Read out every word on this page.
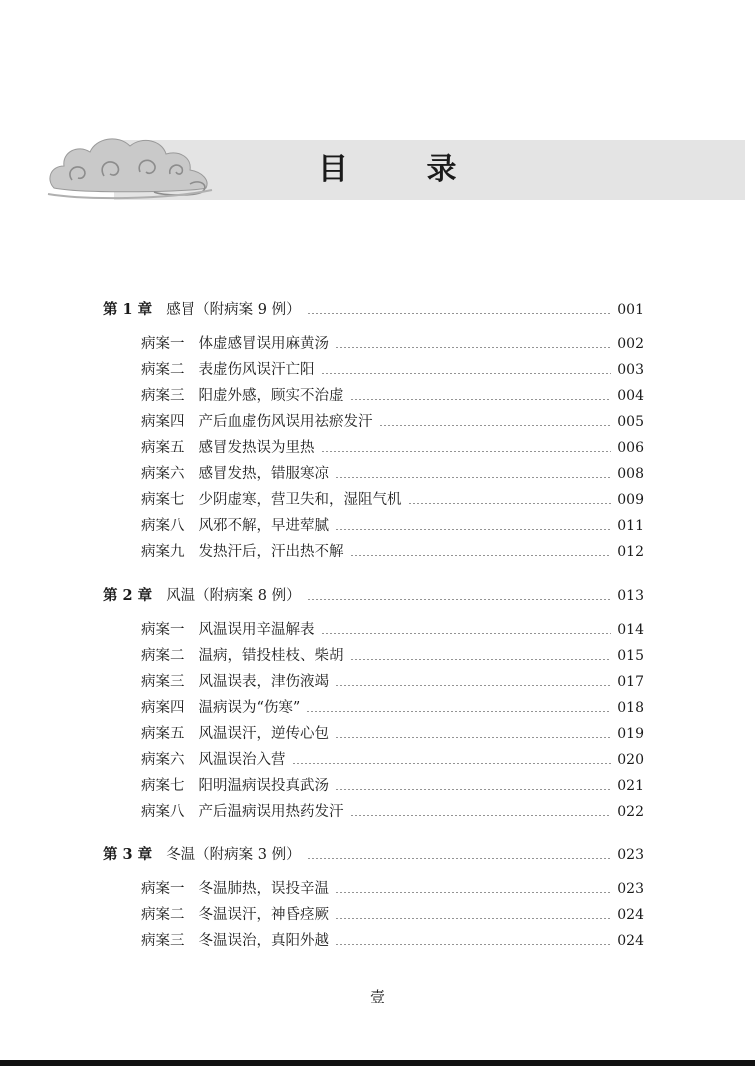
目 录
第 1 章 感冒（附病案 9 例）	001
病案一 体虚感冒误用麻黄汤	002
病案二 表虚伤风误汗亡阳	003
病案三 阳虚外感，顾实不治虚	004
病案四 产后血虚伤风误用祛瘀发汗	005
病案五 感冒发热误为里热	006
病案六 感冒发热，错服寒凉	008
病案七 少阴虚寒，营卫失和，湿阻气机	009
病案八 风邪不解，早进荤腻	011
病案九 发热汗后，汗出热不解	012
第 2 章 风温（附病案 8 例）	013
病案一 风温误用辛温解表	014
病案二 温病，错投桂枝、柴胡	015
病案三 风温误表，津伤液竭	017
病案四 温病误为“伤寒”	018
病案五 风温误汗，逆传心包	019
病案六 风温误治入营	020
病案七 阳明温病误投真武汤	021
病案八 产后温病误用热药发汗	022
第 3 章 冬温（附病案 3 例）	023
病案一 冬温肺热，误投辛温	023
病案二 冬温误汗，神昏痉厥	024
病案三 冬温误治，真阳外越	024
壹
